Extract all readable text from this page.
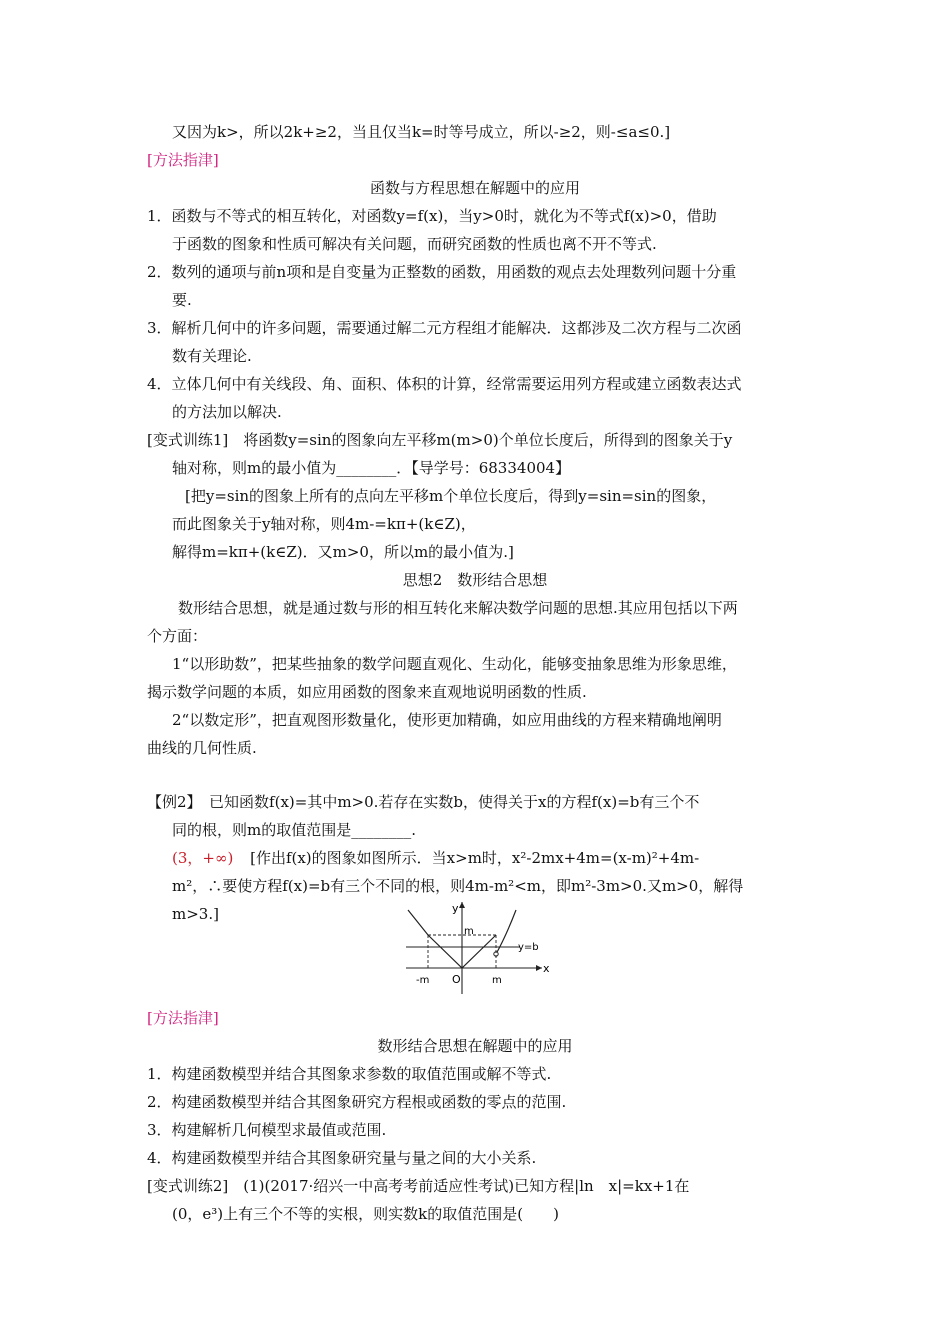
又因为k>，所以2k+≥2，当且仅当k=时等号成立，所以-≥2，则-≤a≤0.]
[方法指津]
函数与方程思想在解题中的应用
1．函数与不等式的相互转化，对函数y=f(x)，当y>0时，就化为不等式f(x)>0，借助
于函数的图象和性质可解决有关问题，而研究函数的性质也离不开不等式.
2．数列的通项与前n项和是自变量为正整数的函数，用函数的观点去处理数列问题十分重
要.
3．解析几何中的许多问题，需要通过解二元方程组才能解决．这都涉及二次方程与二次函
数有关理论.
4．立体几何中有关线段、角、面积、体积的计算，经常需要运用列方程或建立函数表达式
的方法加以解决.
[变式训练1]　将函数y=sin的图象向左平移m(m>0)个单位长度后，所得到的图象关于y
轴对称，则m的最小值为________．【导学号：68334004】
[把y=sin的图象上所有的点向左平移m个单位长度后，得到y=sin=sin的图象，
而此图象关于y轴对称，则4m-=kπ+(k∈Z)，
解得m=kπ+(k∈Z)．又m>0，所以m的最小值为.]
思想2　数形结合思想
数形结合思想，就是通过数与形的相互转化来解决数学问题的思想.其应用包括以下两
个方面：
1“以形助数”，把某些抽象的数学问题直观化、生动化，能够变抽象思维为形象思维，
揭示数学问题的本质，如应用函数的图象来直观地说明函数的性质.
2“以数定形”，把直观图形数量化，使形更加精确，如应用曲线的方程来精确地阐明
曲线的几何性质.
【例2】　已知函数f(x)=其中m>0.若存在实数b，使得关于x的方程f(x)=b有三个不
同的根，则m的取值范围是________.
(3，+∞) [作出f(x)的图象如图所示．当x>m时，x²-2mx+4m=(x-m)²+4m-
m²，∴要使方程f(x)=b有三个不同的根，则4m-m²<m，即m²-3m>0.又m>0，解得
m>3.]	y
x
m
-m O	m
y=b
[方法指津]
数形结合思想在解题中的应用
1．构建函数模型并结合其图象求参数的取值范围或解不等式.
2．构建函数模型并结合其图象研究方程根或函数的零点的范围.
3．构建解析几何模型求最值或范围.
4．构建函数模型并结合其图象研究量与量之间的大小关系.
[变式训练2]　(1)(2017·绍兴一中高考考前适应性考试)已知方程|ln　x|=kx+1在
(0，e³)上有三个不等的实根，则实数k的取值范围是(　　)
